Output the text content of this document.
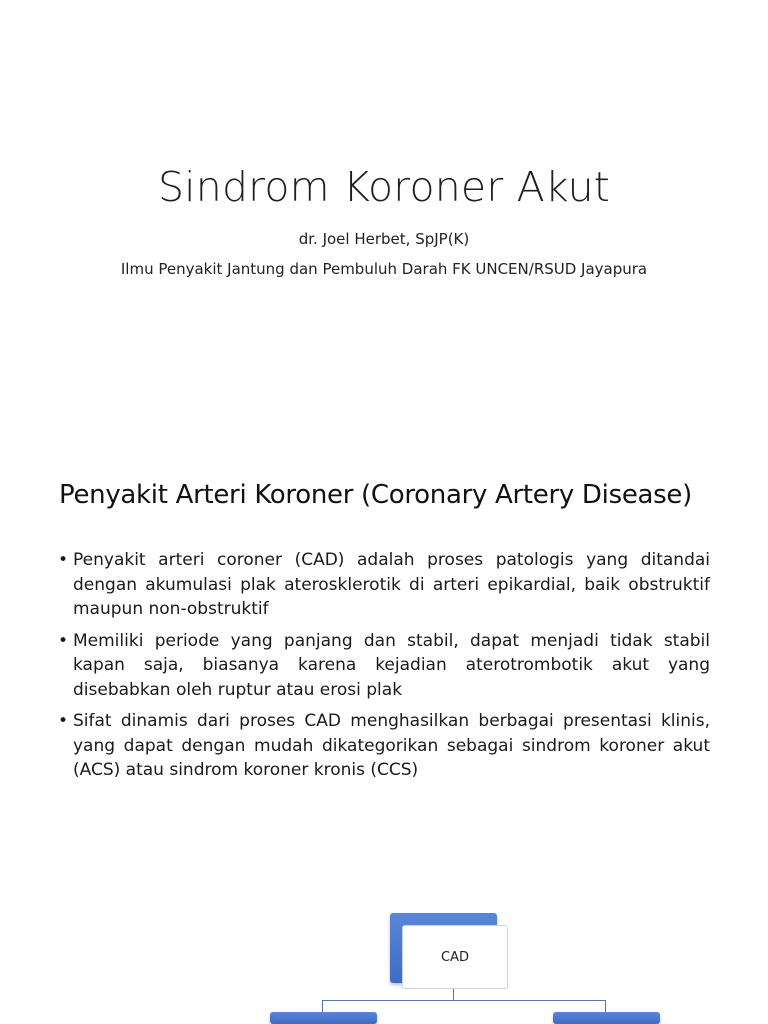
Sindrom Koroner Akut
dr. Joel Herbet, SpJP(K)
Ilmu Penyakit Jantung dan Pembuluh Darah FK UNCEN/RSUD Jayapura
Penyakit Arteri Koroner (Coronary Artery Disease)
• Penyakit arteri coroner (CAD) adalah proses patologis yang ditandai dengan akumulasi plak aterosklerotik di arteri epikardial, baik obstruktif maupun non-obstruktif
• Memiliki periode yang panjang dan stabil, dapat menjadi tidak stabil kapan saja, biasanya karena kejadian aterotrombotik akut yang disebabkan oleh ruptur atau erosi plak
• Sifat dinamis dari proses CAD menghasilkan berbagai presentasi klinis, yang dapat dengan mudah dikategorikan sebagai sindrom koroner akut (ACS) atau sindrom koroner kronis (CCS)
CAD
